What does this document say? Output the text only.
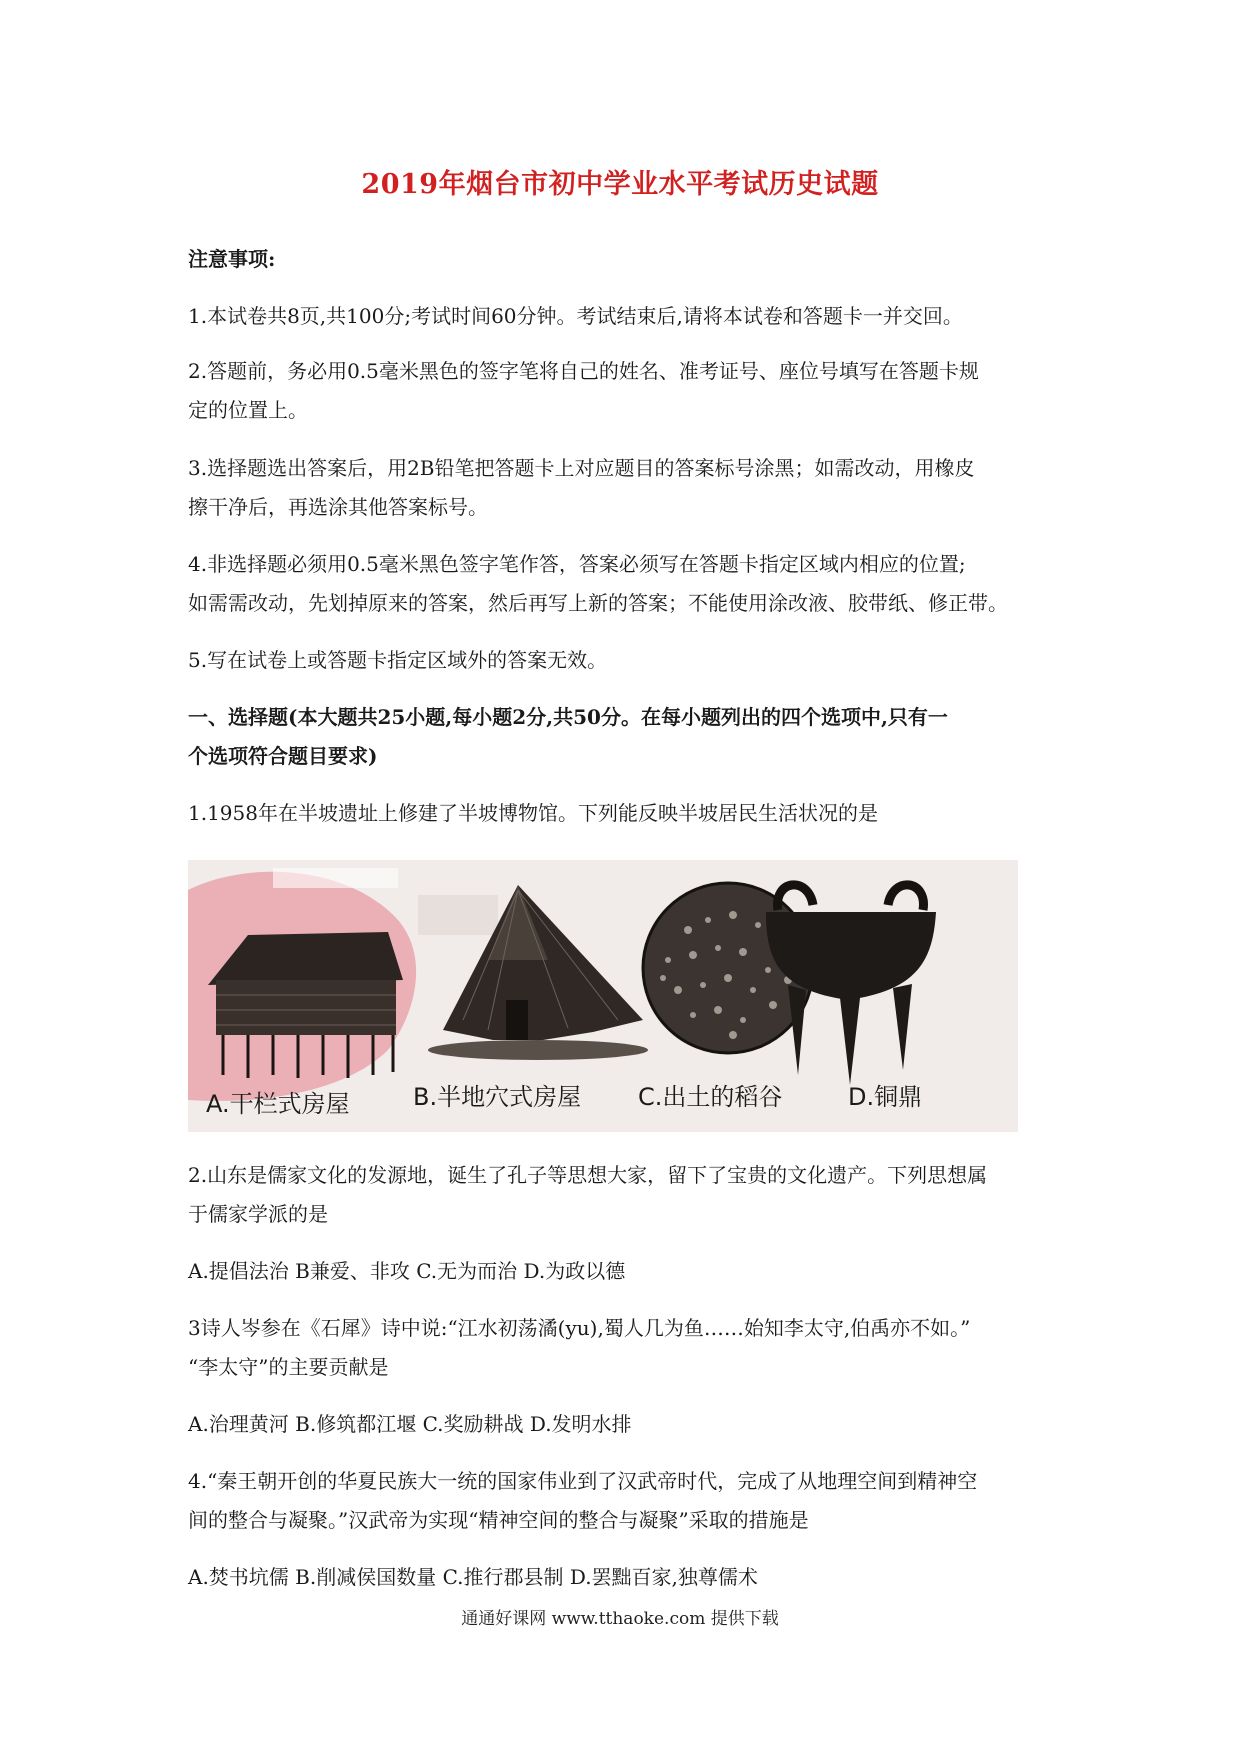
2019年烟台市初中学业水平考试历史试题
注意事项:
1.本试卷共8页,共100分;考试时间60分钟。考试结束后,请将本试卷和答题卡一并交回。
2.答题前，务必用0.5毫米黑色的签字笔将自己的姓名、准考证号、座位号填写在答题卡规
定的位置上。
3.选择题选出答案后，用2B铅笔把答题卡上对应题目的答案标号涂黑；如需改动，用橡皮
擦干净后，再选涂其他答案标号。
4.非选择题必须用0.5毫米黑色签字笔作答，答案必须写在答题卡指定区域内相应的位置;
如需需改动，先划掉原来的答案，然后再写上新的答案；不能使用涂改液、胶带纸、修正带。
5.写在试卷上或答题卡指定区域外的答案无效。
一、选择题(本大题共25小题,每小题2分,共50分。在每小题列出的四个选项中,只有一
个选项符合题目要求)
1.1958年在半坡遗址上修建了半坡博物馆。下列能反映半坡居民生活状况的是
A.干栏式房屋	B.半地穴式房屋 C.出土的稻谷	D.铜鼎
2.山东是儒家文化的发源地，诞生了孔子等思想大家，留下了宝贵的文化遗产。下列思想属
于儒家学派的是
A.提倡法治 B兼爱、非攻 C.无为而治 D.为政以德
3诗人岑参在《石犀》诗中说:“江水初荡潏(yu),蜀人几为鱼……始知李太守,伯禹亦不如。”
“李太守”的主要贡献是
A.治理黄河 B.修筑都江堰 C.奖励耕战 D.发明水排
4.“秦王朝开创的华夏民族大一统的国家伟业到了汉武帝时代，完成了从地理空间到精神空
间的整合与凝聚。”汉武帝为实现“精神空间的整合与凝聚”采取的措施是
A.焚书坑儒 B.削减侯国数量 C.推行郡县制 D.罢黜百家,独尊儒术
通通好课网 www.tthaoke.com 提供下载
